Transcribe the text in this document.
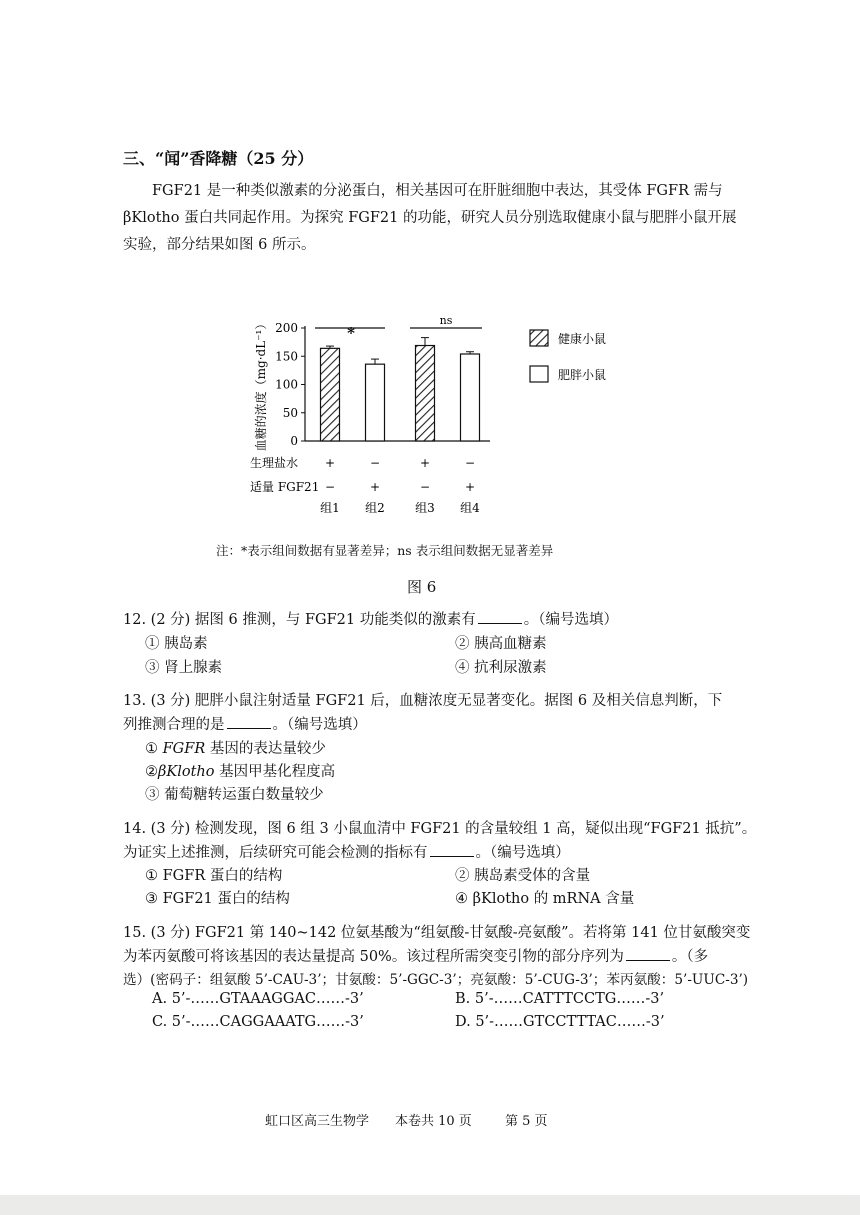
三、“闻”香降糖（25 分）

FGF21 是一种类似激素的分泌蛋白，相关基因可在肝脏细胞中表达，其受体 FGFR 需与

βKlotho 蛋白共同起作用。为探究 FGF21 的功能，研究人员分别选取健康小鼠与肥胖小鼠开展

实验，部分结果如图 6 所示。

200
150
100
50
0
血糖的浓度（mg·dL⁻¹）	*
ns
生理盐水
适量 FGF21
+	−	+	−
−	+	−	+
组1 组2	组3 组4
健康小鼠
肥胖小鼠
注：*表示组间数据有显著差异；ns 表示组间数据无显著差异
图 6
12. (2 分) 据图 6 推测，与 FGF21 功能类似的激素有	。（编号选填）
① 胰岛素	② 胰高血糖素
③ 肾上腺素	④ 抗利尿激素
13. (3 分) 肥胖小鼠注射适量 FGF21 后，血糖浓度无显著变化。据图 6 及相关信息判断，下
列推测合理的是	。（编号选填）
① FGFR 基因的表达量较少
②βKlotho 基因甲基化程度高
③ 葡萄糖转运蛋白数量较少
14. (3 分) 检测发现，图 6 组 3 小鼠血清中 FGF21 的含量较组 1 高，疑似出现“FGF21 抵抗”。
为证实上述推测，后续研究可能会检测的指标有	。（编号选填）
① FGFR 蛋白的结构	② 胰岛素受体的含量
③ FGF21 蛋白的结构	④ βKlotho 的 mRNA 含量
15. (3 分) FGF21 第 140~142 位氨基酸为“组氨酸-甘氨酸-亮氨酸”。若将第 141 位甘氨酸突变
为苯丙氨酸可将该基因的表达量提高 50%。该过程所需突变引物的部分序列为	。（多
选）(密码子：组氨酸 5’-CAU-3’；甘氨酸：5’-GGC-3’；亮氨酸：5’-CUG-3’；苯丙氨酸：5’-UUC-3’)
A. 5’-……GTAAAGGAC……-3’	B. 5’-……CATTTCCTG……-3’
C. 5’-……CAGGAAATG……-3’	D. 5’-……GTCCTTTAC……-3’
虹口区高三生物学 本卷共 10 页	第 5 页
